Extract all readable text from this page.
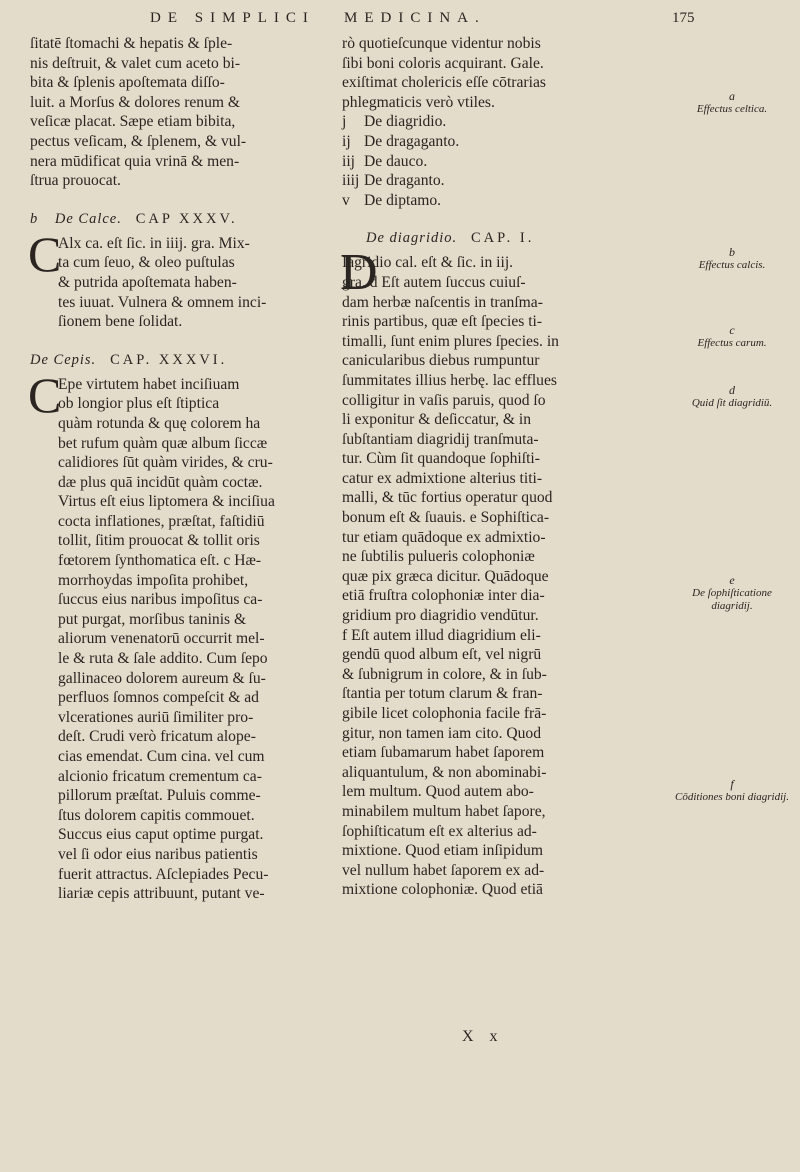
DE SIMPLICI MEDICINA.	175
ſitatē ſtomachi & hepatis & ſple-
nis deſtruit, & valet cum aceto bi-
bita & ſplenis apoſtemata diſſo-
luit. a Morſus & dolores renum &
veſicæ placat. Sæpe etiam bibita,
pectus veſicam, & ſplenem, & vul-
nera mūdificat quia vrinā & men-
ſtrua prouocat.
b De Calce. CAP XXXV.
C
Alx ca. eſt ſic. in iiij. gra. Mix-
ta cum ſeuo, & oleo puſtulas
& putrida apoſtemata haben-
tes iuuat. Vulnera & omnem inci-
ſionem bene ſolidat.
De Cepis. CAP. XXXVI.
C
Epe virtutem habet inciſiuam
ob longior plus eſt ſtiptica
quàm rotunda & quę colorem ha
bet rufum quàm quæ album ſiccæ
calidiores ſūt quàm virides, & cru-
dæ plus quā incidūt quàm coctæ.
Virtus eſt eius liptomera & inciſiua
cocta inflationes, præſtat, faſtidiū
tollit, ſitim prouocat & tollit oris
fœtorem ſynthomatica eſt. c Hæ-
morrhoydas impoſita prohibet,
ſuccus eius naribus impoſitus ca-
put purgat, morſibus taninis &
aliorum venenatorū occurrit mel-
le & ruta & ſale addito. Cum ſepo
gallinaceo dolorem aureum & ſu-
perfluos ſomnos compeſcit & ad
vlcerationes auriū ſimiliter pro-
deſt. Crudi verò fricatum alope-
cias emendat. Cum cina. vel cum
alcionio fricatum crementum ca-
pillorum præſtat. Puluis comme-
ſtus dolorem capitis commouet.
Succus eius caput optime purgat.
vel ſi odor eius naribus patientis
fuerit attractus. Aſclepiades Pecu-
liariæ cepis attribuunt, putant ve-
rò quotieſcunque videntur nobis
ſibi boni coloris acquirant. Gale.
exiſtimat cholericis eſſe cōtrarias
phlegmaticis verò vtiles.
j De diagridio.
ij De dragaganto.
iij De dauco.
iiij De draganto.
v De diptamo.
De diagridio. CAP. I.
D
Iagridio cal. eſt & ſic. in iij.
gra. d Eſt autem ſuccus cuiuſ-
dam herbæ naſcentis in tranſma-
rinis partibus, quæ eſt ſpecies ti-
timalli, ſunt enim plures ſpecies. in
canicularibus diebus rumpuntur
ſummitates illius herbę. lac efflues
colligitur in vaſis paruis, quod ſo
li exponitur & deſiccatur, & in
ſubſtantiam diagridij tranſmuta-
tur. Cùm ſit quandoque ſophiſti-
catur ex admixtione alterius titi-
malli, & tūc fortius operatur quod
bonum eſt & ſuauis. e Sophiſtica-
tur etiam quādoque ex admixtio-
ne ſubtilis pulueris colophoniæ
quæ pix græca dicitur. Quādoque
etiā fruſtra colophoniæ inter dia-
gridium pro diagridio vendūtur.
f Eſt autem illud diagridium eli-
gendū quod album eſt, vel nigrū
& ſubnigrum in colore, & in ſub-
ſtantia per totum clarum & fran-
gibile licet colophonia facile frā-
gitur, non tamen iam cito. Quod
etiam ſubamarum habet ſaporem
aliquantulum, & non abominabi-
lem multum. Quod autem abo-
minabilem multum habet ſapore,
ſophiſticatum eſt ex alterius ad-
mixtione. Quod etiam inſipidum
vel nullum habet ſaporem ex ad-
mixtione colophoniæ. Quod etiā
X x
a
Effectus celtica.
b
Effectus calcis.
c
Effectus carum.
d
Quid ſit diagridiū.
e
De ſophiſticatione diagridij.
f
Cōditiones boni diagridij.
